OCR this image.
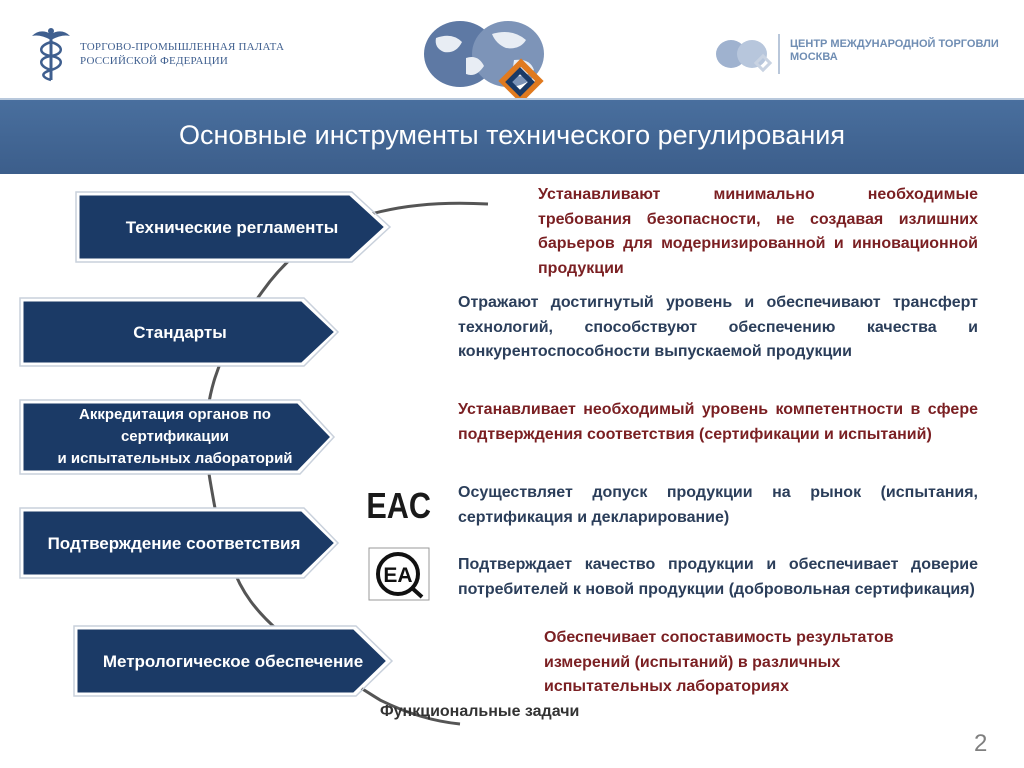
ТОРГОВО-ПРОМЫШЛЕННАЯ ПАЛАТА
РОССИЙСКОЙ ФЕДЕРАЦИИ
ЦЕНТР МЕЖДУНАРОДНОЙ ТОРГОВЛИ
МОСКВА
Основные инструменты технического регулирования
Технические регламенты
Стандарты
Аккредитация органов по
сертификации
и испытательных лабораторий
Подтверждение соответствия
Метрологическое обеспечение
EAC
EA
Устанавливают минимально необходимые требования безопасности, не создавая излишних барьеров для модернизированной и инновационной продукции
Отражают достигнутый уровень и обеспечивают трансферт технологий, способствуют обеспечению качества и конкурентоспособности выпускаемой продукции
Устанавливает необходимый уровень компетентности в сфере подтверждения соответствия (сертификации и испытаний)
Осуществляет допуск продукции на рынок (испытания, сертификация и декларирование)
Подтверждает качество продукции и обеспечивает доверие потребителей к новой продукции (добровольная сертификация)
Обеспечивает сопоставимость результатов измерений (испытаний) в различных испытательных лабораториях
Функциональные задачи
2
